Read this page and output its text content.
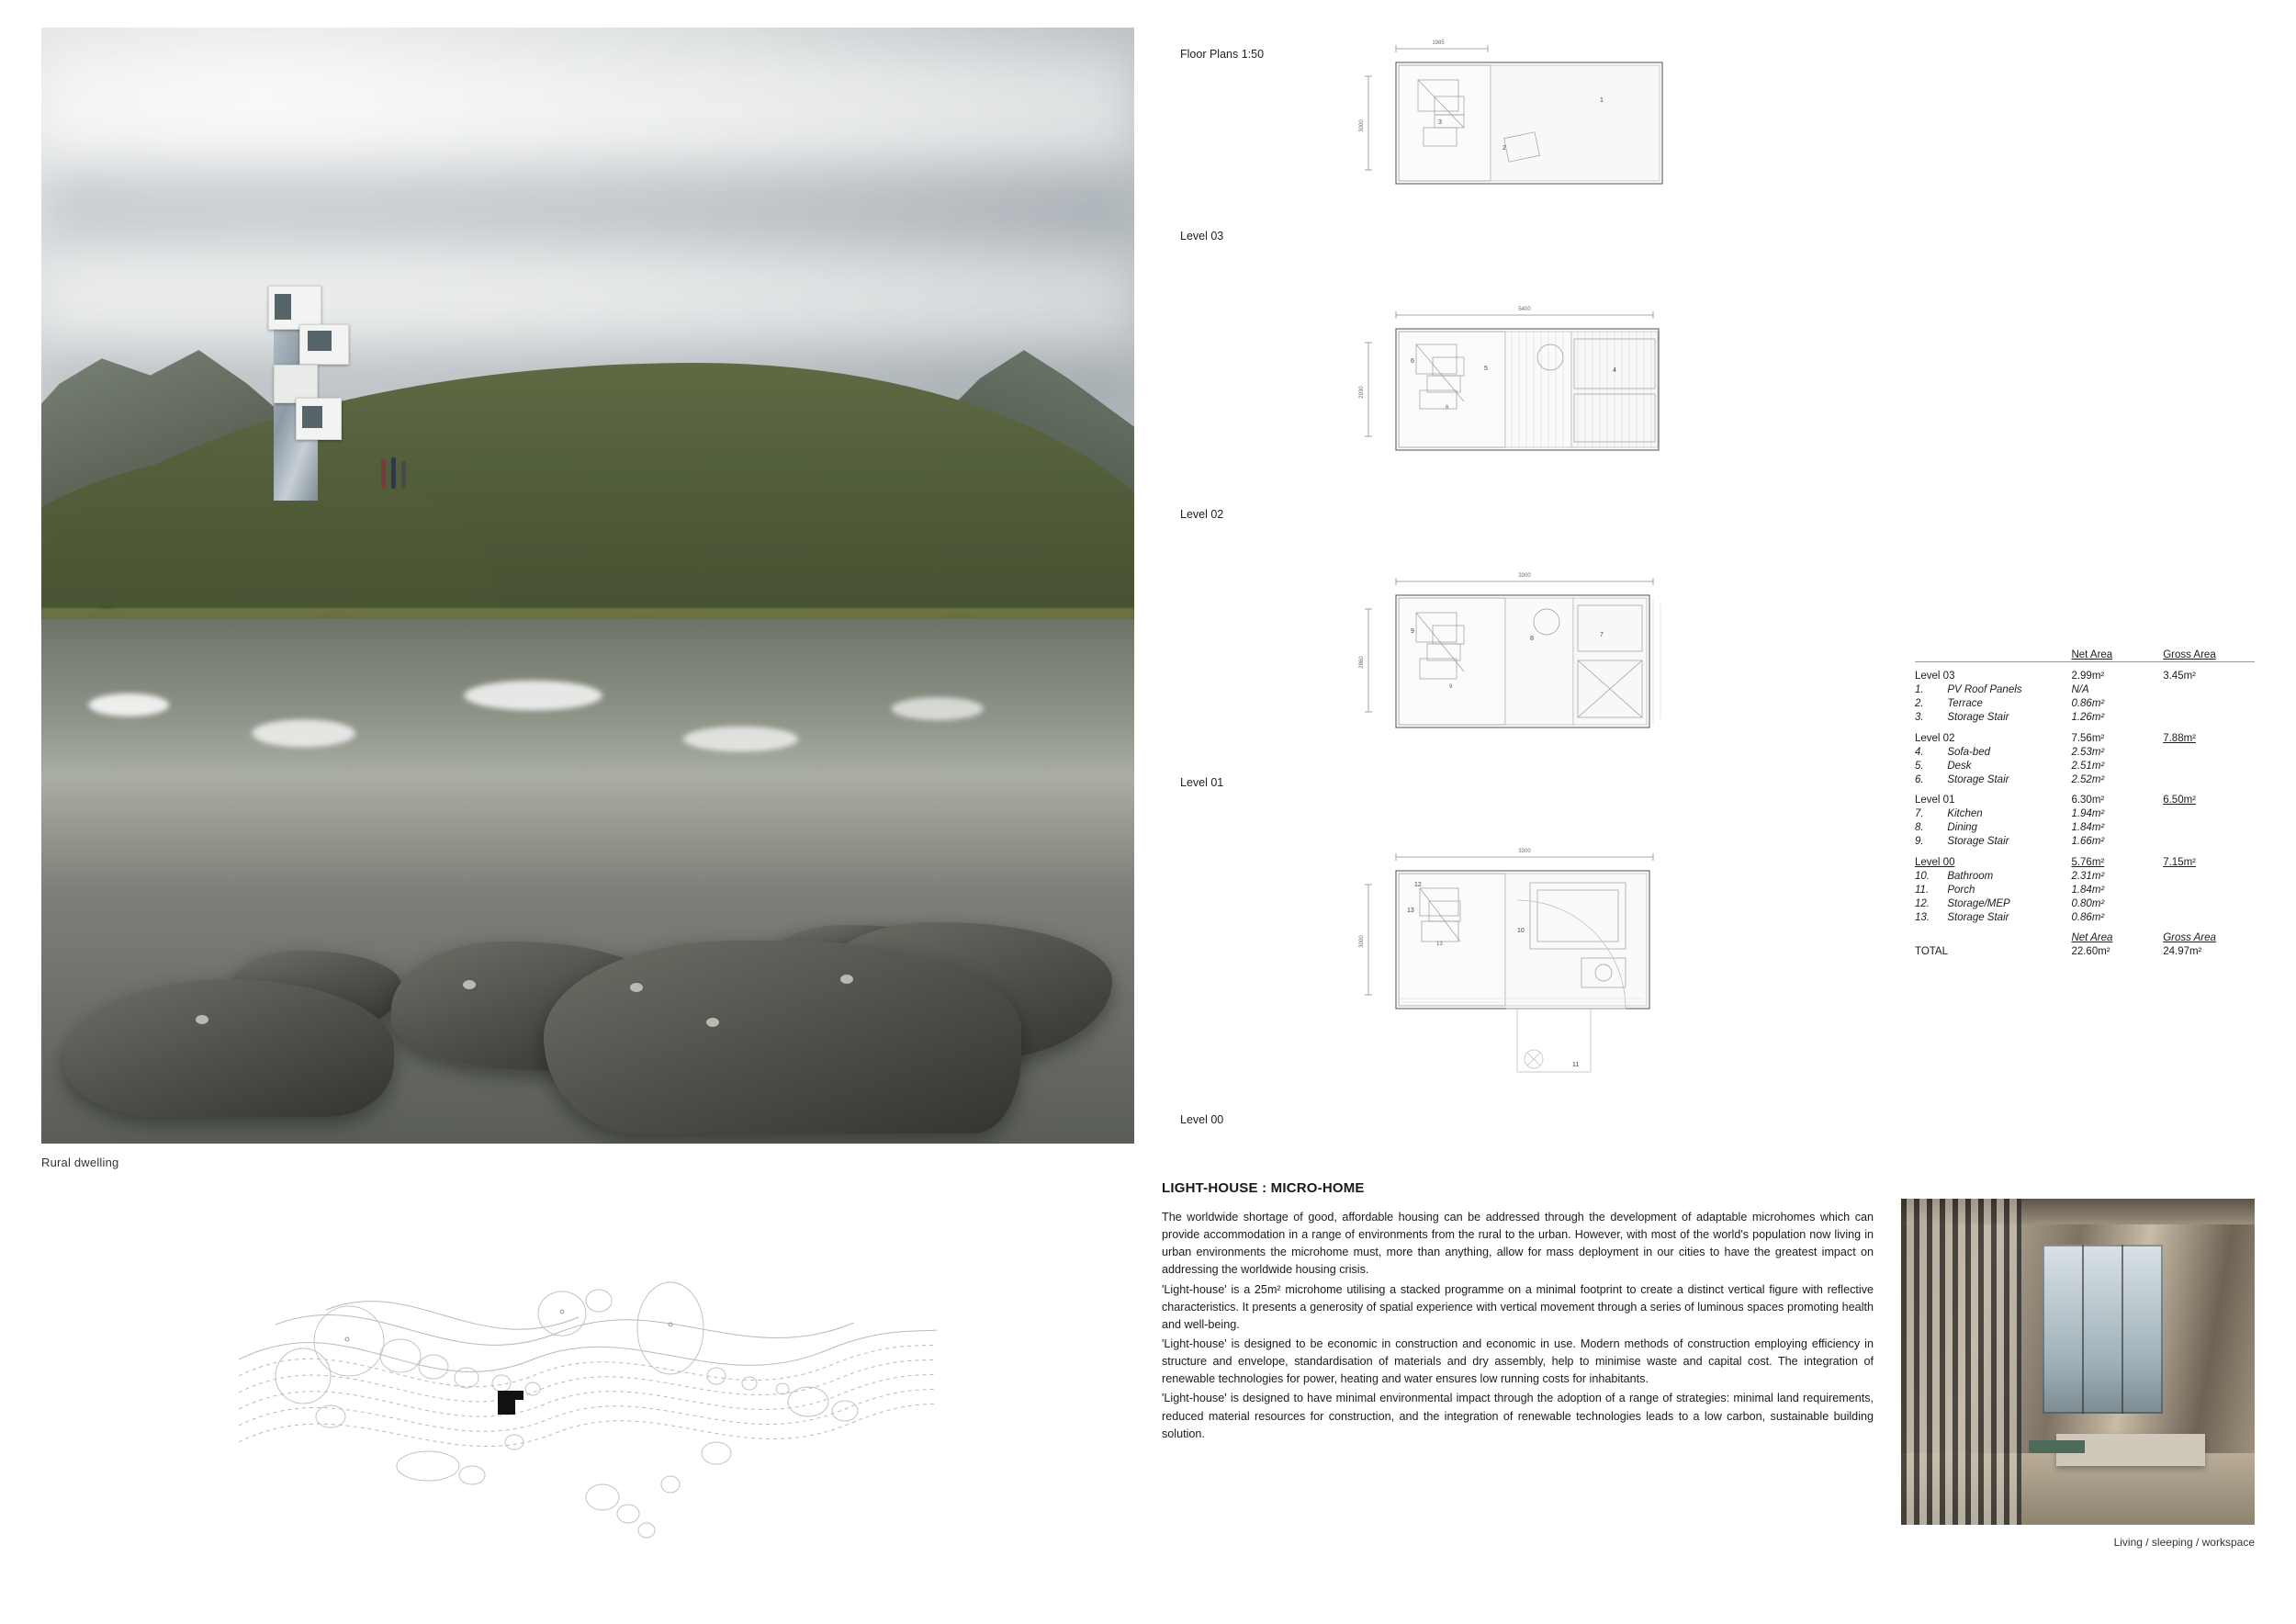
Rural dwelling
Floor Plans 1:50
Level 03
Level 02
Level 01
Level 00
1985
3000	3
2
1
5400
2930
6
5	4
6
3300
2860
9
8
7
9
3300
3000
12
13
10
11
13
		Net Area	Gross Area

Level 03		2.99m²	3.45m²
1.	PV Roof Panels	N/A	
2.	Terrace	0.86m²	
3.	Storage Stair	1.26m²	
Level 02		7.56m²	7.88m²
4.	Sofa-bed	2.53m²	
5.	Desk	2.51m²	
6.	Storage Stair	2.52m²	
Level 01		6.30m²	6.50m²
7.	Kitchen	1.94m²	
8.	Dining	1.84m²	
9.	Storage Stair	1.66m²	
Level 00		5.76m²	7.15m²
10.	Bathroom	2.31m²	
11.	Porch	1.84m²	
12.	Storage/MEP	0.80m²	
13.	Storage Stair	0.86m²	
		Net Area	Gross Area
TOTAL		22.60m²	24.97m²
LIGHT-HOUSE : MICRO-HOME

The worldwide shortage of good, affordable housing can be addressed through the development of adaptable microhomes which can provide accommodation in a range of environments from the rural to the urban. However, with most of the world's population now living in urban environments the microhome must, more than anything, allow for mass deployment in our cities to have the greatest impact on addressing the worldwide housing crisis.

'Light-house' is a 25m² microhome utilising a stacked programme on a minimal footprint to create a distinct vertical figure with reflective characteristics. It presents a generosity of spatial experience with vertical movement through a series of luminous spaces promoting health and well-being.

'Light-house' is designed to be economic in construction and economic in use. Modern methods of construction employing efficiency in structure and envelope, standardisation of materials and dry assembly, help to minimise waste and capital cost. The integration of renewable technologies for power, heating and water ensures low running costs for inhabitants.

'Light-house' is designed to have minimal environmental impact through the adoption of a range of strategies: minimal land requirements, reduced material resources for construction, and the integration of renewable technologies leads to a low carbon, sustainable building solution.

Living / sleeping / workspace
